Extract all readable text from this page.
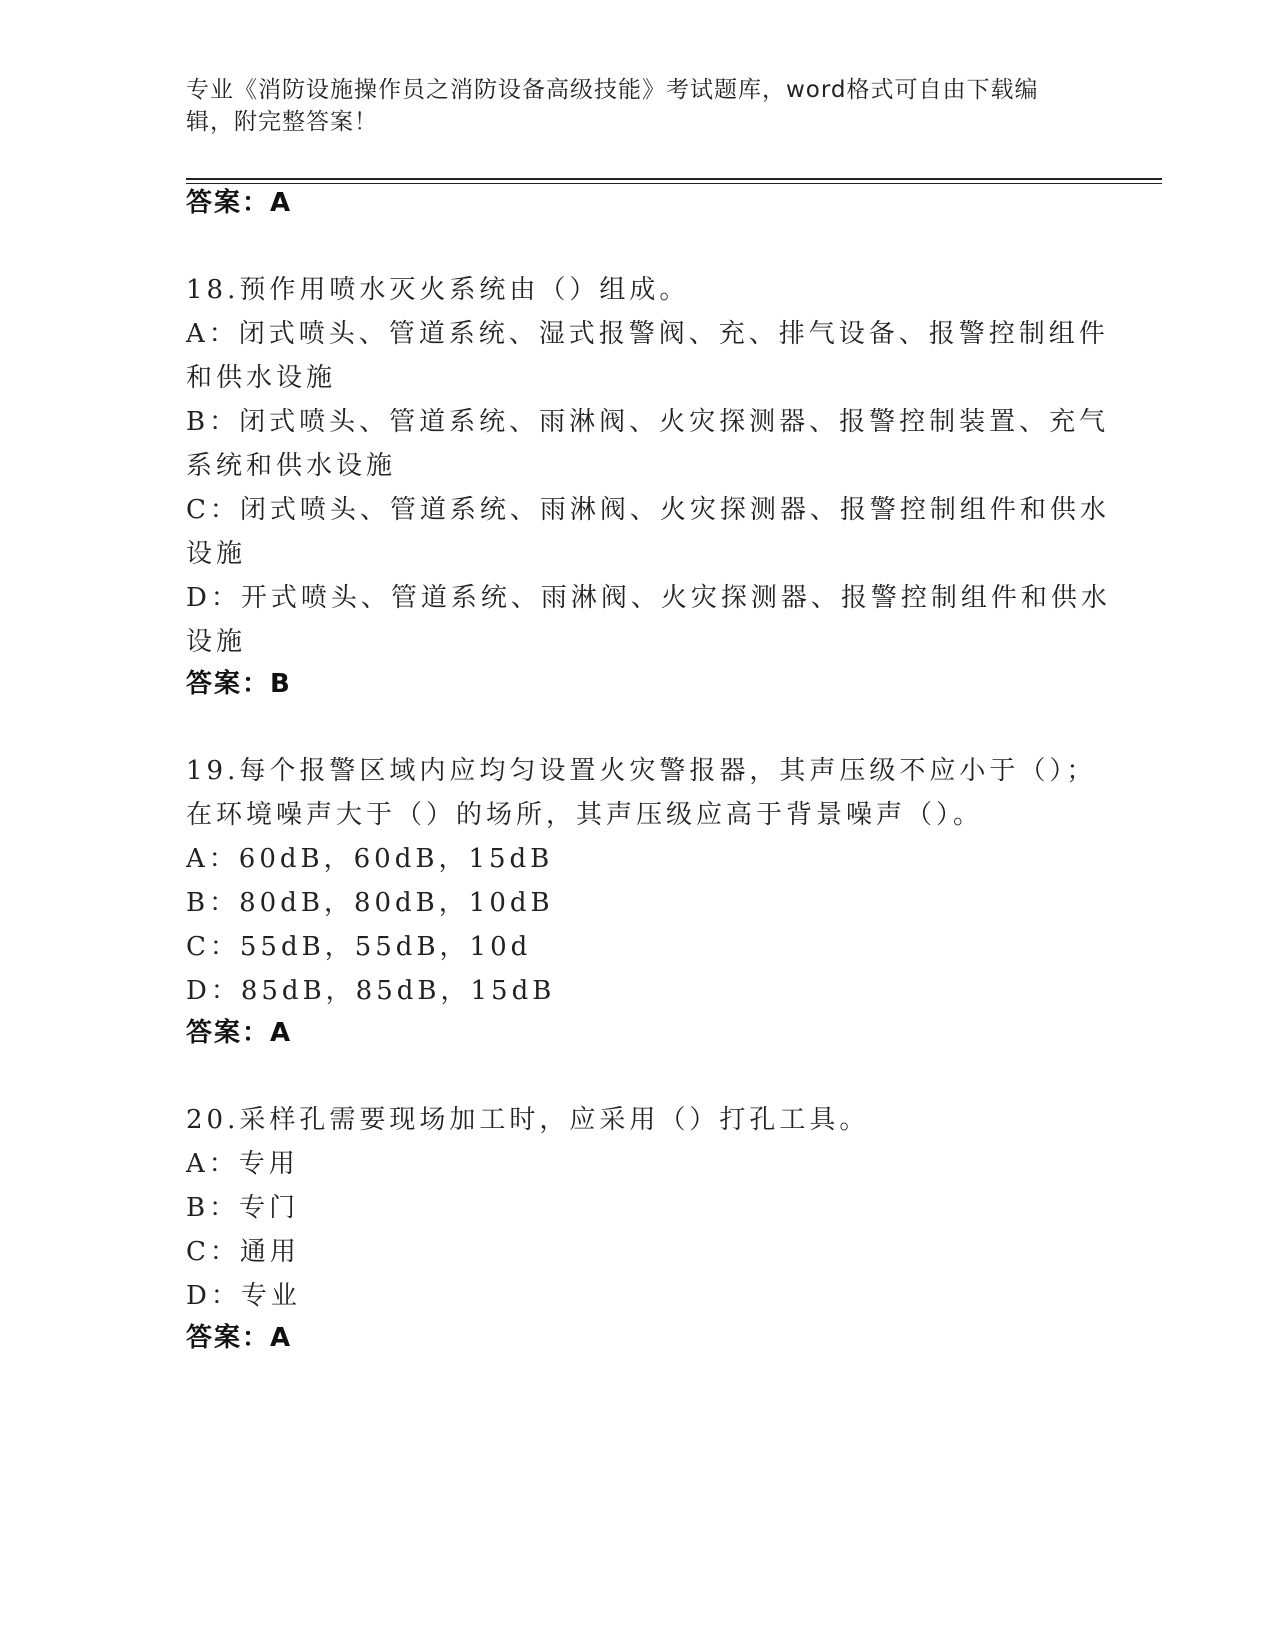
专业《消防设施操作员之消防设备高级技能》考试题库，word格式可自由下载编辑，附完整答案！
答案：A
18.预作用喷水灭火系统由（）组成。
A：闭式喷头、管道系统、湿式报警阀、充、排气设备、报警控制组件
和供水设施
B：闭式喷头、管道系统、雨淋阀、火灾探测器、报警控制装置、充气
系统和供水设施
C：闭式喷头、管道系统、雨淋阀、火灾探测器、报警控制组件和供水
设施
D：开式喷头、管道系统、雨淋阀、火灾探测器、报警控制组件和供水
设施
答案：B
19.每个报警区域内应均匀设置火灾警报器，其声压级不应小于（）；
在环境噪声大于（）的场所，其声压级应高于背景噪声（）。
A：60dB，60dB，15dB
B：80dB，80dB，10dB
C：55dB，55dB，10d
D：85dB，85dB，15dB
答案：A
20.采样孔需要现场加工时，应采用（）打孔工具。
A：专用
B：专门
C：通用
D：专业
答案：A
